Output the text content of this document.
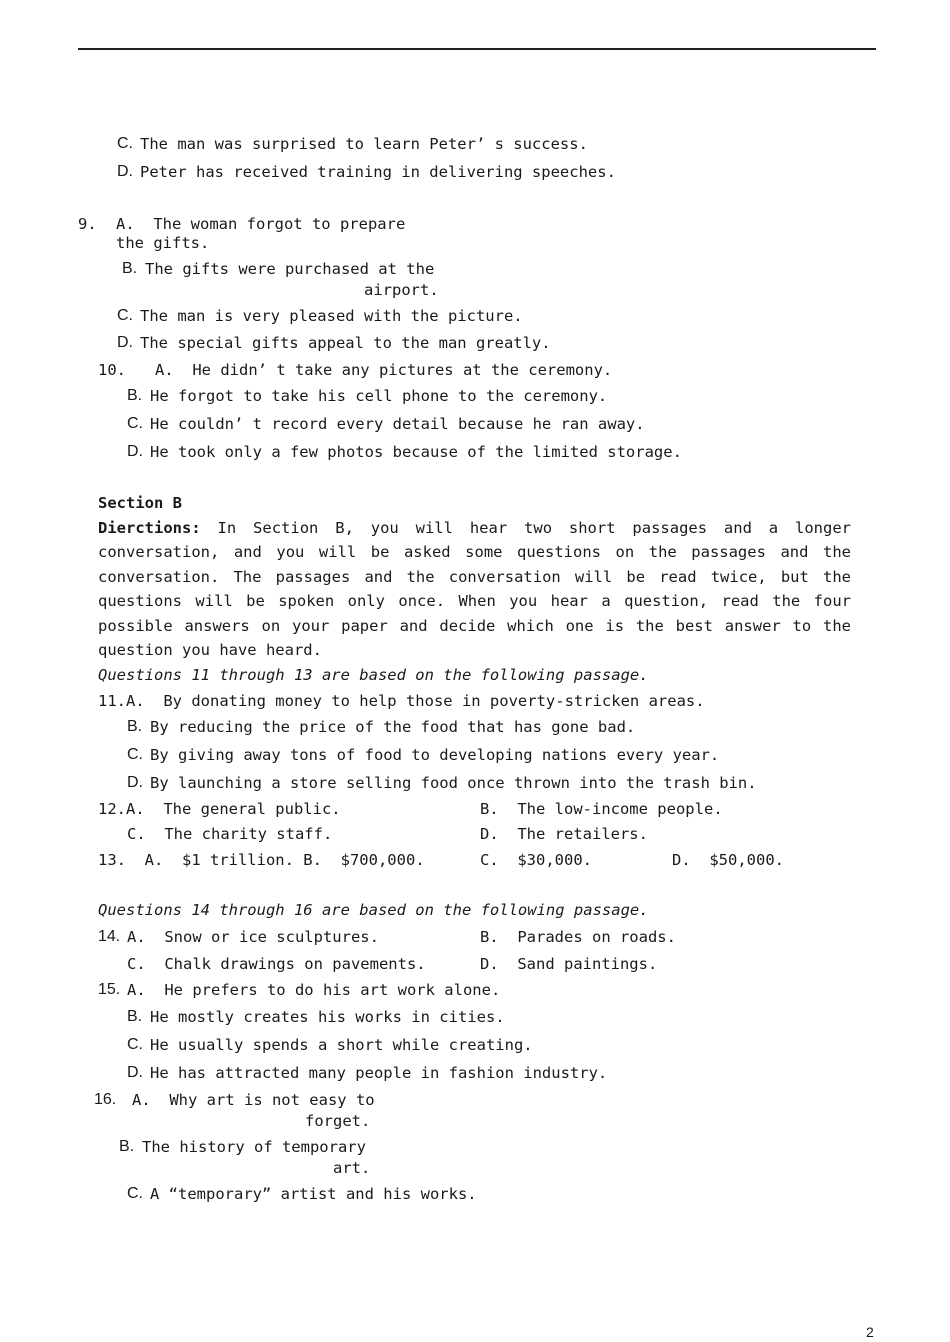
C. The man was surprised to learn Peter’ s success.
D. Peter has received training in delivering speeches.
9. A.  The woman forgot to prepare
the gifts.
B. The gifts were purchased at the
airport.
C. The man is very pleased with the picture.
D. The special gifts appeal to the man greatly.
10. A.  He didn’ t take any pictures at the ceremony.
B. He forgot to take his cell phone to the ceremony.
C. He couldn’ t record every detail because he ran away.
D. He took only a few photos because of the limited storage.
Section B
Dierctions: In Section B, you will hear two short passages and a longer conversation, and you will be asked some questions on the passages and the conversation. The passages and the conversation will be read twice, but the questions will be spoken only once. When you hear a question, read the four possible answers on your paper and decide which one is the best answer to the question you have heard.
Questions 11 through 13 are based on the following passage.
11.A.  By donating money to help those in poverty-stricken areas.
B. By reducing the price of the food that has gone bad.
C. By giving away tons of food to developing nations every year.
D. By launching a store selling food once thrown into the trash bin.
12.A.  The general public.	B.  The low-income people.
C.  The charity staff.	D.  The retailers.
13.  A.  $1 trillion. B.  $700,000.	C.  $30,000.	D.  $50,000.
Questions 14 through 16 are based on the following passage.
14. A.  Snow or ice sculptures.	B.  Parades on roads.
C.  Chalk drawings on pavements.	D.  Sand paintings.
15. A.  He prefers to do his art work alone.
B. He mostly creates his works in cities.
C. He usually spends a short while creating.
D. He has attracted many people in fashion industry.
16. A.  Why art is not easy to
forget.
B. The history of temporary
art.
C. A “temporary” artist and his works.
2
